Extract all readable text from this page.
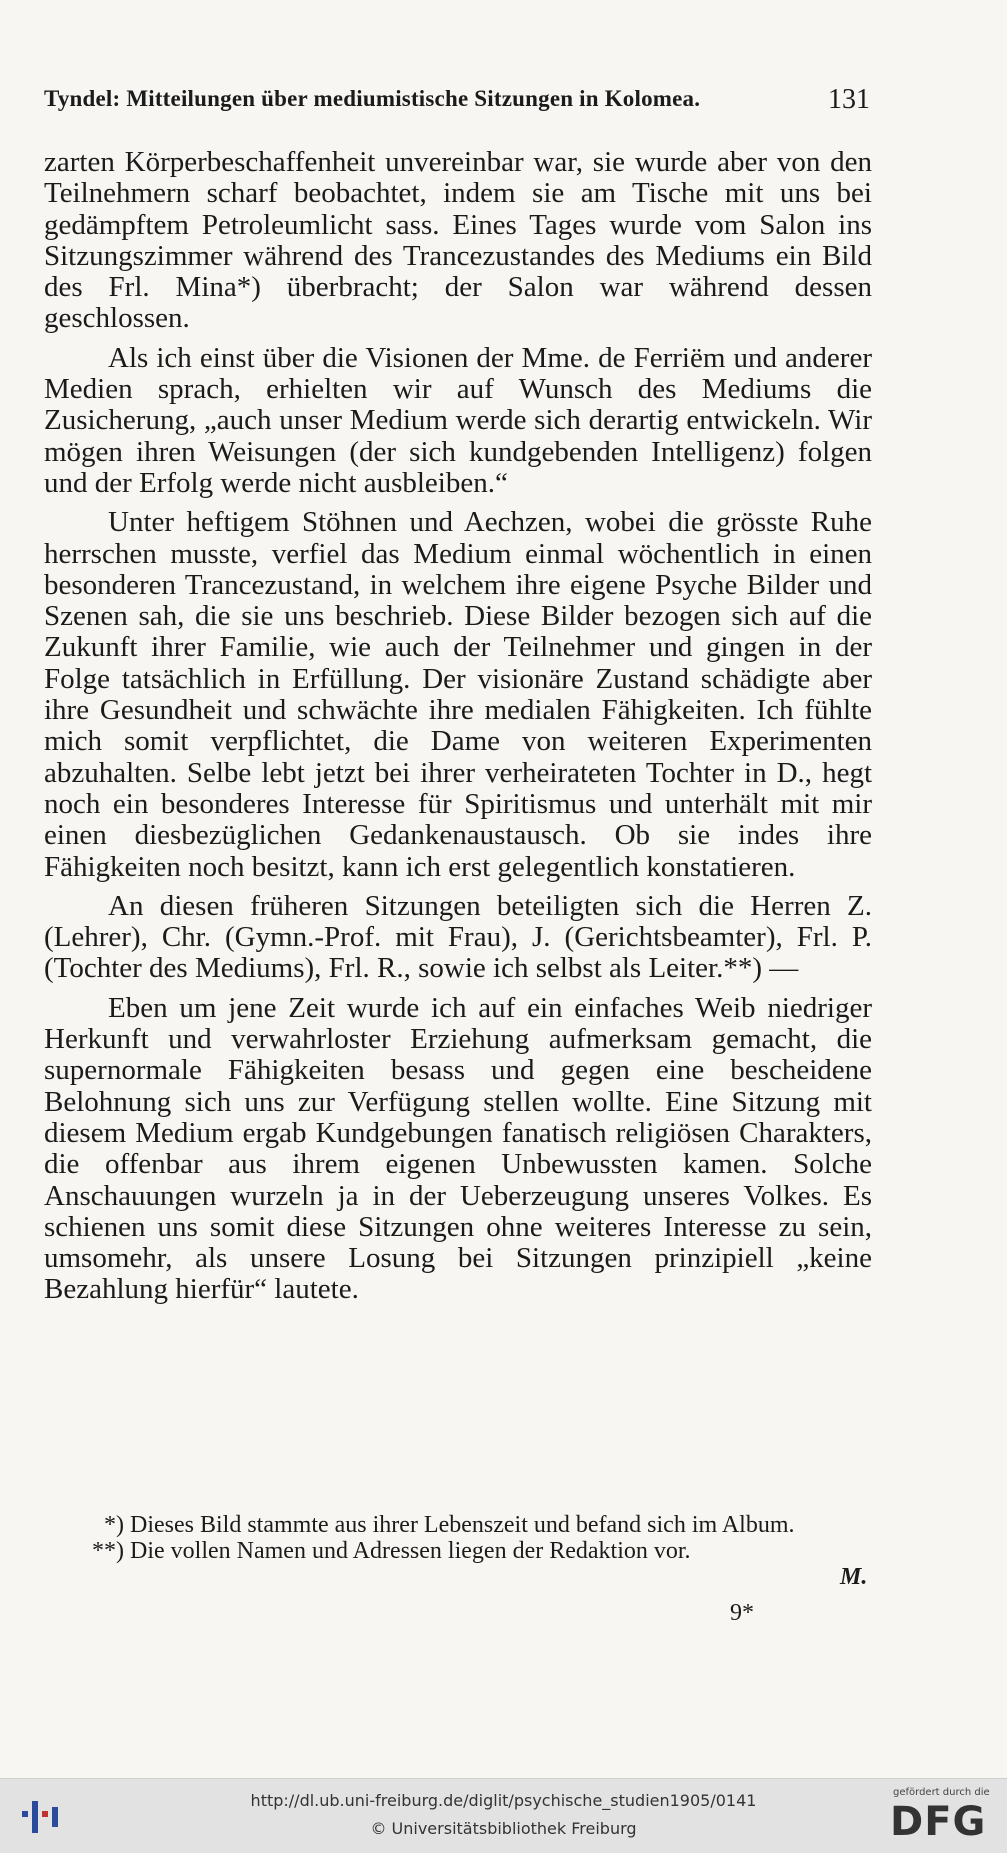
Tyndel: Mitteilungen über mediumistische Sitzungen in Kolomea.	131

zarten Körperbeschaffenheit unvereinbar war, sie wurde aber von den Teilnehmern scharf beobachtet, indem sie am Tische mit uns bei gedämpftem Petroleumlicht sass. Eines Tages wurde vom Salon ins Sitzungszimmer während des Trancezustandes des Mediums ein Bild des Frl. Mina*) überbracht; der Salon war während dessen geschlossen.

Als ich einst über die Visionen der Mme. de Ferriëm und anderer Medien sprach, erhielten wir auf Wunsch des Mediums die Zusicherung, „auch unser Medium werde sich derartig entwickeln. Wir mögen ihren Weisungen (der sich kundgebenden Intelligenz) folgen und der Erfolg werde nicht ausbleiben.“

Unter heftigem Stöhnen und Aechzen, wobei die grösste Ruhe herrschen musste, verfiel das Medium einmal wöchentlich in einen besonderen Trancezustand, in welchem ihre eigene Psyche Bilder und Szenen sah, die sie uns beschrieb. Diese Bilder bezogen sich auf die Zukunft ihrer Familie, wie auch der Teilnehmer und gingen in der Folge tatsächlich in Erfüllung. Der visionäre Zustand schädigte aber ihre Gesundheit und schwächte ihre medialen Fähigkeiten. Ich fühlte mich somit verpflichtet, die Dame von weiteren Experimenten abzuhalten. Selbe lebt jetzt bei ihrer verheirateten Tochter in D., hegt noch ein besonderes Interesse für Spiritismus und unterhält mit mir einen diesbezüglichen Gedankenaustausch. Ob sie indes ihre Fähigkeiten noch besitzt, kann ich erst gelegentlich konstatieren.

An diesen früheren Sitzungen beteiligten sich die Herren Z. (Lehrer), Chr. (Gymn.-Prof. mit Frau), J. (Gerichtsbeamter), Frl. P. (Tochter des Mediums), Frl. R., sowie ich selbst als Leiter.**) —

Eben um jene Zeit wurde ich auf ein einfaches Weib niedriger Herkunft und verwahrloster Erziehung aufmerksam gemacht, die supernormale Fähigkeiten besass und gegen eine bescheidene Belohnung sich uns zur Verfügung stellen wollte. Eine Sitzung mit diesem Medium ergab Kundgebungen fanatisch religiösen Charakters, die offenbar aus ihrem eigenen Unbewussten kamen. Solche Anschauungen wurzeln ja in der Ueberzeugung unseres Volkes. Es schienen uns somit diese Sitzungen ohne weiteres Interesse zu sein, umsomehr, als unsere Losung bei Sitzungen prinzipiell „keine Bezahlung hierfür“ lautete.

*) Dieses Bild stammte aus ihrer Lebenszeit und befand sich im Album.

**) Die vollen Namen und Adressen liegen der Redaktion vor.

M.
9*
http://dl.ub.uni-freiburg.de/diglit/psychische_studien1905/0141
© Universitätsbibliothek Freiburg
gefördert durch die
DFG
